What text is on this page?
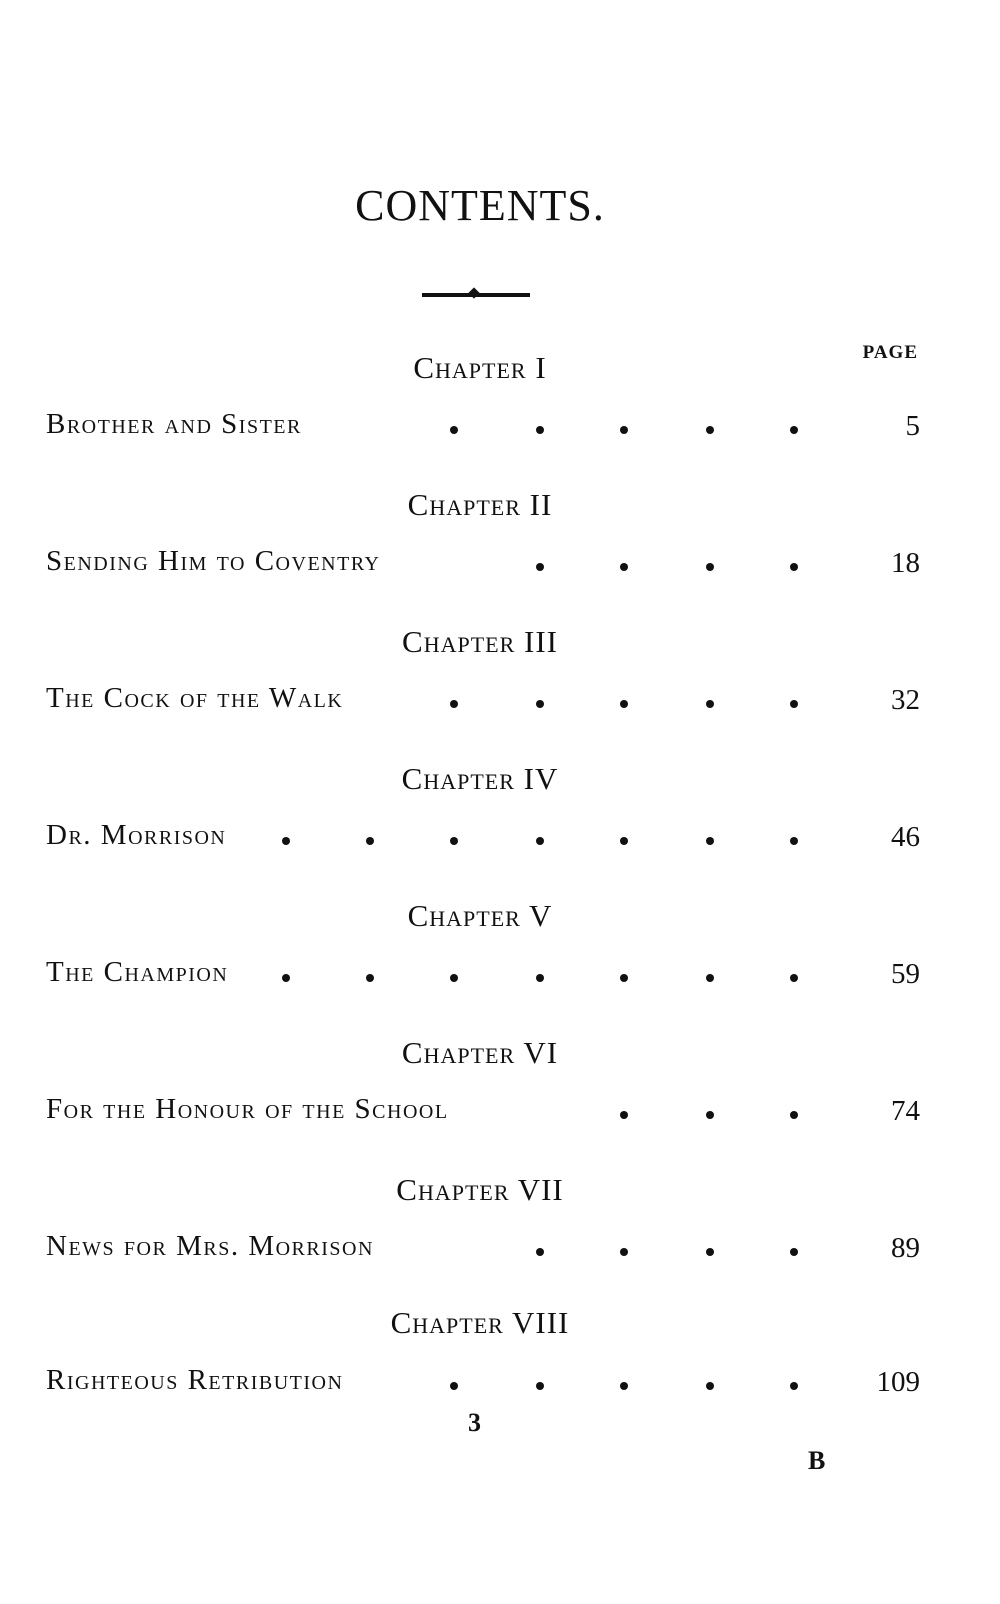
CONTENTS.
PAGE
Chapter I
Brother and Sister	5
Chapter II
Sending Him to Coventry	18
Chapter III
The Cock of the Walk	32
Chapter IV
Dr. Morrison	46
Chapter V
The Champion	59
Chapter VI
For the Honour of the School	74
Chapter VII
News for Mrs. Morrison	89
Chapter VIII
Righteous Retribution	109
3
B
